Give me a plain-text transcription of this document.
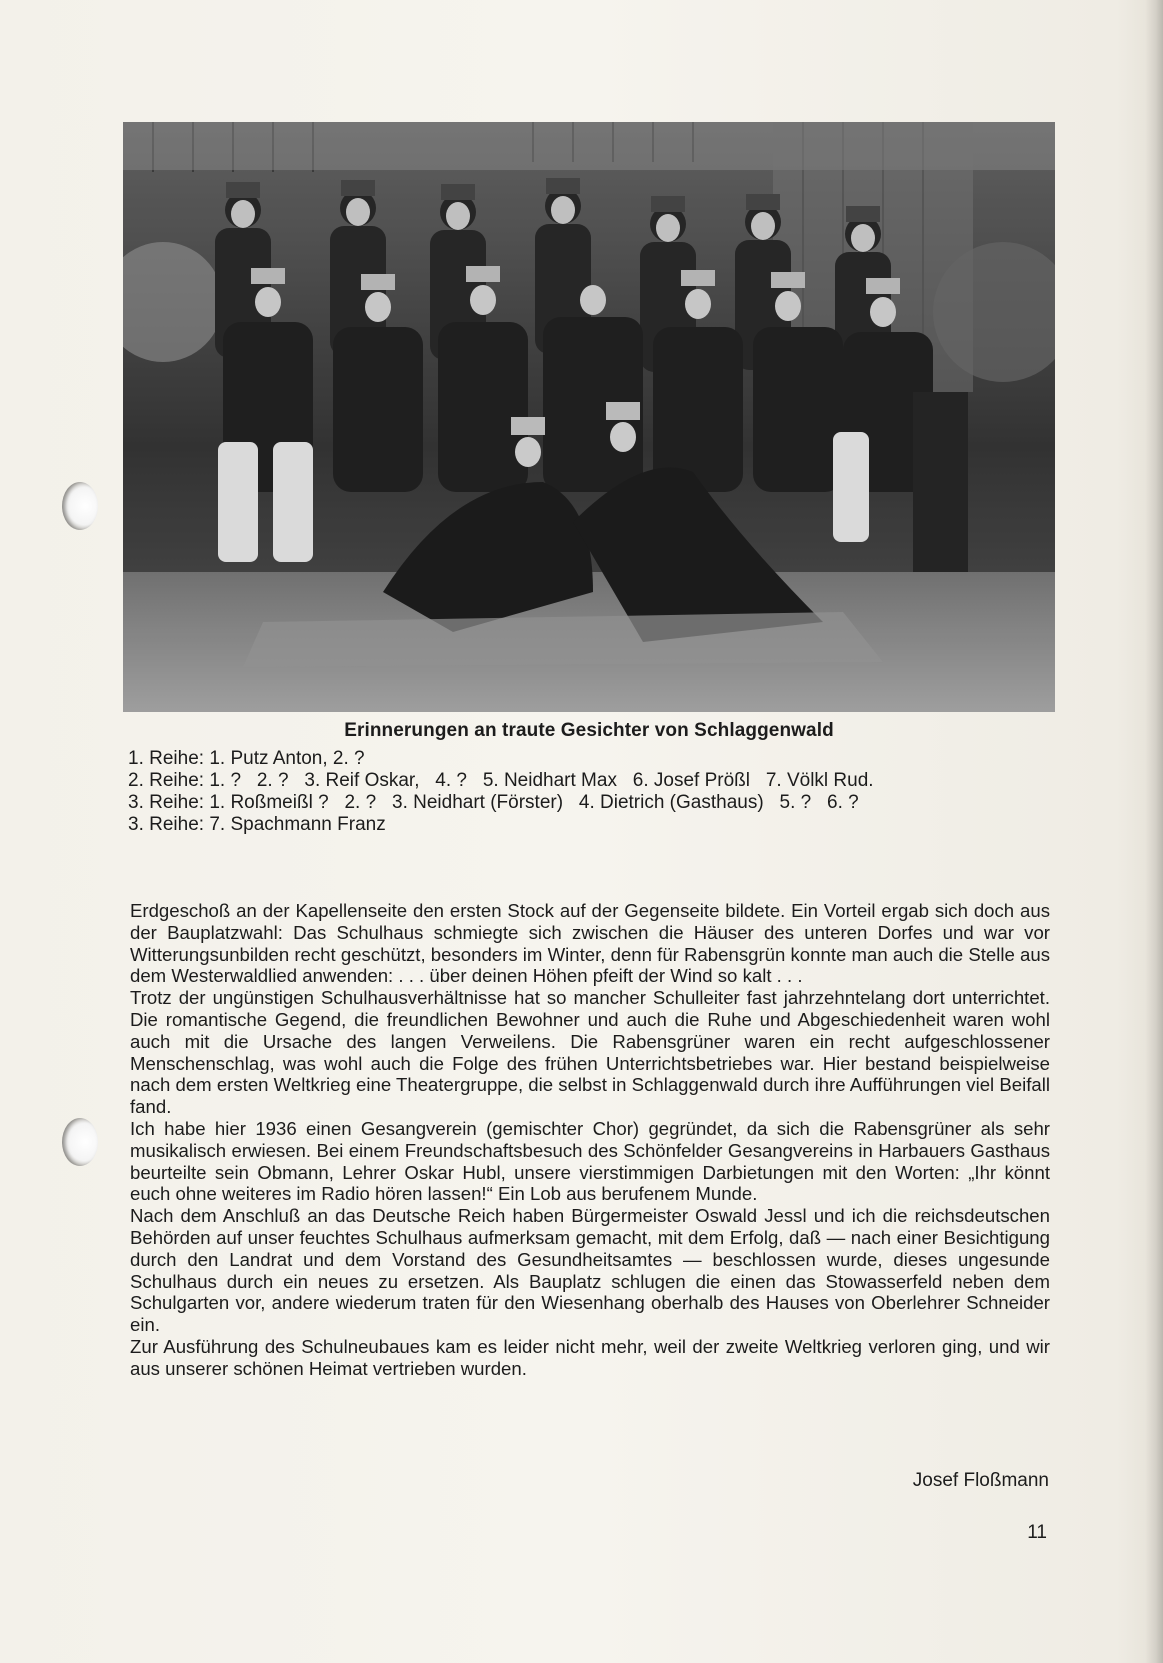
Erinnerungen an traute Gesichter von Schlaggenwald
1. Reihe: 1. Putz Anton, 2. ?
2. Reihe: 1. ?   2. ?   3. Reif Oskar,   4. ?   5. Neidhart Max   6. Josef Prößl   7. Völkl Rud.
3. Reihe: 1. Roßmeißl ?   2. ?   3. Neidhart (Förster)   4. Dietrich (Gasthaus)   5. ?   6. ?
3. Reihe: 7. Spachmann Franz

Erdgeschoß an der Kapellenseite den ersten Stock auf der Gegenseite bildete. Ein Vorteil ergab sich doch aus der Bauplatzwahl: Das Schulhaus schmiegte sich zwischen die Häuser des unteren Dorfes und war vor Witterungsunbilden recht geschützt, besonders im Winter, denn für Rabensgrün konnte man auch die Stelle aus dem Westerwaldlied anwenden: . . . über deinen Höhen pfeift der Wind so kalt . . .

Trotz der ungünstigen Schulhausverhältnisse hat so mancher Schulleiter fast jahrzehntelang dort unterrichtet. Die romantische Gegend, die freundlichen Bewohner und auch die Ruhe und Abgeschiedenheit waren wohl auch mit die Ursache des langen Verweilens. Die Rabensgrüner waren ein recht aufgeschlossener Menschenschlag, was wohl auch die Folge des frühen Unterrichtsbetriebes war. Hier bestand beispielweise nach dem ersten Weltkrieg eine Theatergruppe, die selbst in Schlaggenwald durch ihre Aufführungen viel Beifall fand.

Ich habe hier 1936 einen Gesangverein (gemischter Chor) gegründet, da sich die Rabensgrüner als sehr musikalisch erwiesen. Bei einem Freundschaftsbesuch des Schönfelder Gesangvereins in Harbauers Gasthaus beurteilte sein Obmann, Lehrer Oskar Hubl, unsere vierstimmigen Darbietungen mit den Worten: „Ihr könnt euch ohne weiteres im Radio hören lassen!“ Ein Lob aus berufenem Munde.

Nach dem Anschluß an das Deutsche Reich haben Bürgermeister Oswald Jessl und ich die reichsdeutschen Behörden auf unser feuchtes Schulhaus aufmerksam gemacht, mit dem Erfolg, daß — nach einer Besichtigung durch den Landrat und dem Vorstand des Gesundheitsamtes — beschlossen wurde, dieses ungesunde Schulhaus durch ein neues zu ersetzen. Als Bauplatz schlugen die einen das Stowasserfeld neben dem Schulgarten vor, andere wiederum traten für den Wiesenhang oberhalb des Hauses von Oberlehrer Schneider ein.

Zur Ausführung des Schulneubaues kam es leider nicht mehr, weil der zweite Weltkrieg verloren ging, und wir aus unserer schönen Heimat vertrieben wurden.

Josef Floßmann
11
